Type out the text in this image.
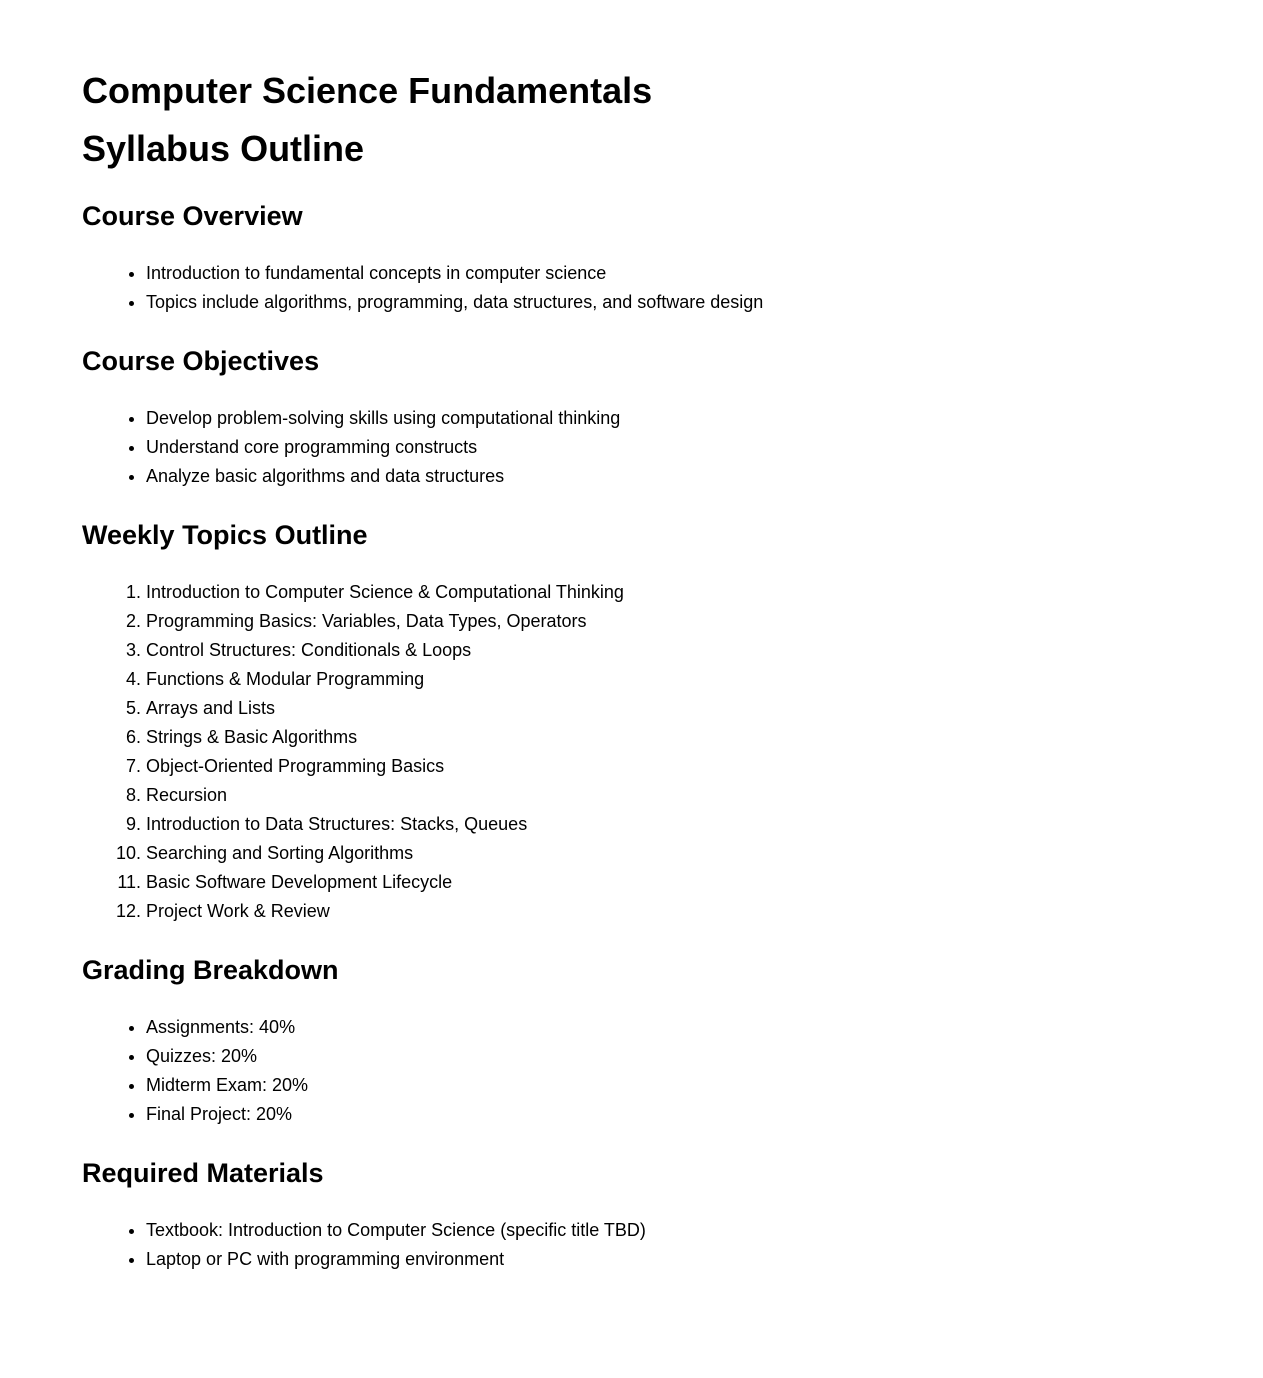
Computer Science Fundamentals
Syllabus Outline
Course Overview
• Introduction to fundamental concepts in computer science
• Topics include algorithms, programming, data structures, and software design
Course Objectives
• Develop problem-solving skills using computational thinking
• Understand core programming constructs
• Analyze basic algorithms and data structures
Weekly Topics Outline
1. Introduction to Computer Science & Computational Thinking
2. Programming Basics: Variables, Data Types, Operators
3. Control Structures: Conditionals & Loops
4. Functions & Modular Programming
5. Arrays and Lists
6. Strings & Basic Algorithms
7. Object-Oriented Programming Basics
8. Recursion
9. Introduction to Data Structures: Stacks, Queues
10. Searching and Sorting Algorithms
11. Basic Software Development Lifecycle
12. Project Work & Review
Grading Breakdown
• Assignments: 40%
• Quizzes: 20%
• Midterm Exam: 20%
• Final Project: 20%
Required Materials
• Textbook: Introduction to Computer Science (specific title TBD)
• Laptop or PC with programming environment
